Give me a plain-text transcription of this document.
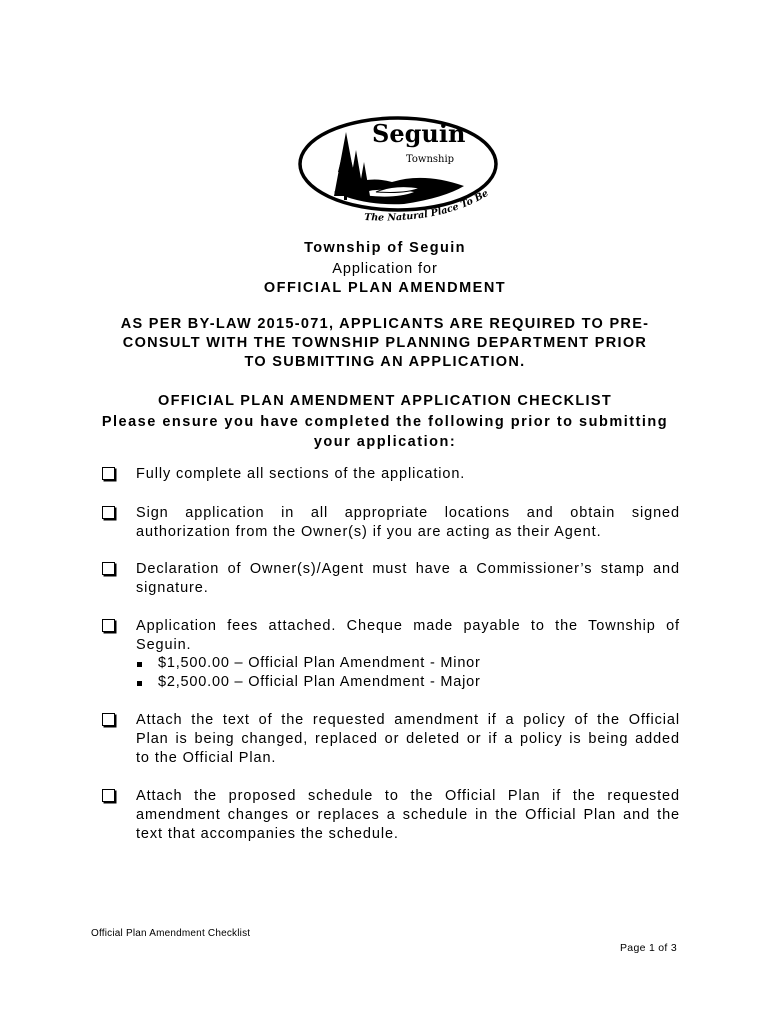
Seguin
Township
The Natural Place To Be
Township of Seguin
Application for
OFFICIAL PLAN AMENDMENT
AS PER BY-LAW 2015-071, APPLICANTS ARE REQUIRED TO PRE-
CONSULT WITH THE TOWNSHIP PLANNING DEPARTMENT PRIOR
TO SUBMITTING AN APPLICATION.
OFFICIAL PLAN AMENDMENT APPLICATION CHECKLIST
Please ensure you have completed the following prior to submitting
your application:
Fully complete all sections of the application.
Sign application in all appropriate locations and obtain signed
authorization from the Owner(s) if you are acting as their Agent.
Declaration of Owner(s)/Agent must have a Commissioner’s stamp and
signature.
Application fees attached. Cheque made payable to the Township of
Seguin.
$1,500.00 – Official Plan Amendment - Minor
$2,500.00 – Official Plan Amendment - Major
Attach the text of the requested amendment if a policy of the Official
Plan is being changed, replaced or deleted or if a policy is being added
to the Official Plan.
Attach the proposed schedule to the Official Plan if the requested
amendment changes or replaces a schedule in the Official Plan and the
text that accompanies the schedule.
Official Plan Amendment Checklist
Page 1 of 3
